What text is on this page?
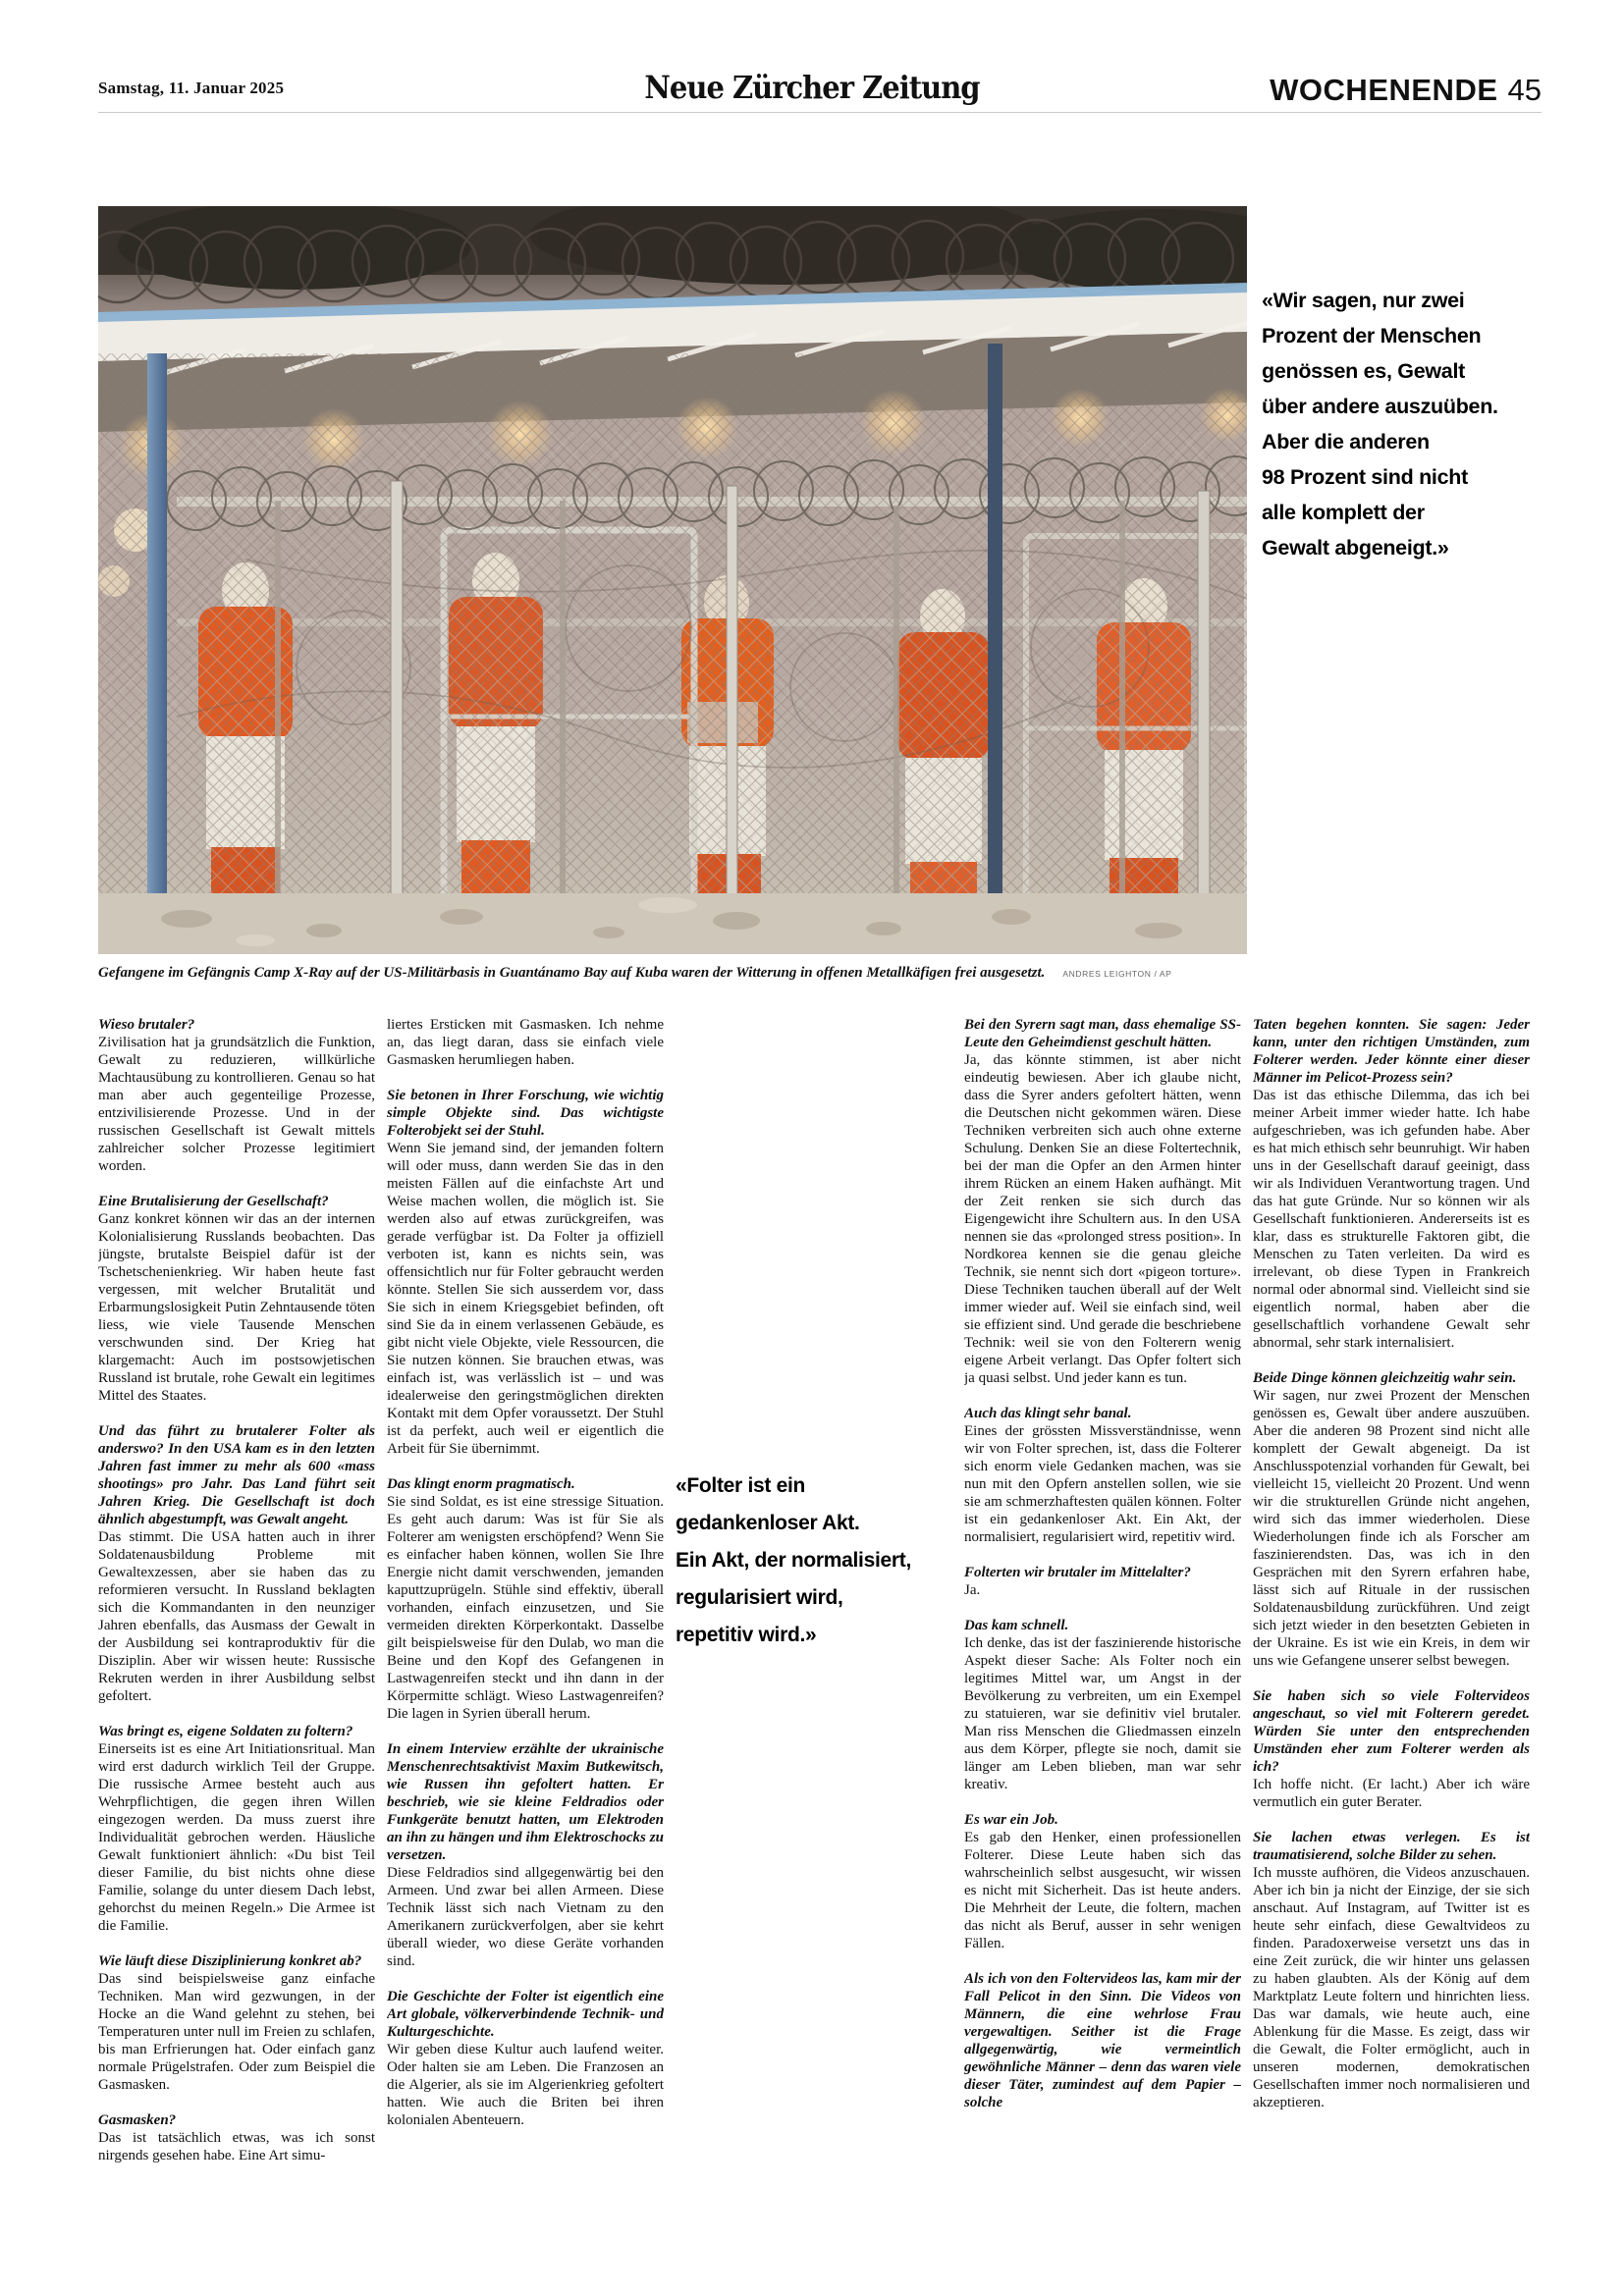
Samstag, 11. Januar 2025	Neue Zürcher Zeitung	WOCHENENDE 45
Gefangene im Gefängnis Camp X-Ray auf der US-Militärbasis in Guantánamo Bay auf Kuba waren der Witterung in offenen Metallkäfigen frei ausgesetzt. ANDRES LEIGHTON / AP
«Wir sagen, nur zwei
Prozent der Menschen
genössen es, Gewalt
über andere auszuüben.
Aber die anderen
98 Prozent sind nicht
alle komplett der
Gewalt abgeneigt.»

Wieso brutaler?

Zivilisation hat ja grundsätzlich die Funktion, Gewalt zu reduzieren, willkürliche Machtausübung zu kontrollieren. Genau so hat man aber auch gegenteilige Prozesse, entzivilisierende Prozesse. Und in der russischen Gesellschaft ist Gewalt mittels zahlreicher solcher Prozesse legitimiert worden.

Eine Brutalisierung der Gesellschaft?

Ganz konkret können wir das an der internen Kolonialisierung Russlands beobachten. Das jüngste, brutalste Beispiel dafür ist der Tschetschenienkrieg. Wir haben heute fast vergessen, mit welcher Brutalität und Erbarmungslosigkeit Putin Zehntausende töten liess, wie viele Tausende Menschen verschwunden sind. Der Krieg hat klargemacht: Auch im postsowjetischen Russland ist brutale, rohe Gewalt ein legitimes Mittel des Staates.

Und das führt zu brutalerer Folter als anderswo? In den USA kam es in den letzten Jahren fast immer zu mehr als 600 «mass shootings» pro Jahr. Das Land führt seit Jahren Krieg. Die Gesellschaft ist doch ähnlich abgestumpft, was Gewalt angeht.

Das stimmt. Die USA hatten auch in ihrer Soldatenausbildung Probleme mit Gewaltexzessen, aber sie haben das zu reformieren versucht. In Russland beklagten sich die Kommandanten in den neunziger Jahren ebenfalls, das Ausmass der Gewalt in der Ausbildung sei kontraproduktiv für die Disziplin. Aber wir wissen heute: Russische Rekruten werden in ihrer Ausbildung selbst gefoltert.

Was bringt es, eigene Soldaten zu foltern?

Einerseits ist es eine Art Initiationsritual. Man wird erst dadurch wirklich Teil der Gruppe. Die russische Armee besteht auch aus Wehrpflichtigen, die gegen ihren Willen eingezogen werden. Da muss zuerst ihre Individualität gebrochen werden. Häusliche Gewalt funktioniert ähnlich: «Du bist Teil dieser Familie, du bist nichts ohne diese Familie, solange du unter diesem Dach lebst, gehorchst du meinen Regeln.» Die Armee ist die Familie.

Wie läuft diese Disziplinierung konkret ab?

Das sind beispielsweise ganz einfache Techniken. Man wird gezwungen, in der Hocke an die Wand gelehnt zu stehen, bei Temperaturen unter null im Freien zu schlafen, bis man Erfrierungen hat. Oder einfach ganz normale Prügelstrafen. Oder zum Beispiel die Gasmasken.

Gasmasken?

Das ist tatsächlich etwas, was ich sonst nirgends gesehen habe. Eine Art simu-

liertes Ersticken mit Gasmasken. Ich nehme an, das liegt daran, dass sie einfach viele Gasmasken herumliegen haben.

Sie betonen in Ihrer Forschung, wie wichtig simple Objekte sind. Das wichtigste Folterobjekt sei der Stuhl.

Wenn Sie jemand sind, der jemanden foltern will oder muss, dann werden Sie das in den meisten Fällen auf die einfachste Art und Weise machen wollen, die möglich ist. Sie werden also auf etwas zurückgreifen, was gerade verfügbar ist. Da Folter ja offiziell verboten ist, kann es nichts sein, was offensichtlich nur für Folter gebraucht werden könnte. Stellen Sie sich ausserdem vor, dass Sie sich in einem Kriegsgebiet befinden, oft sind Sie da in einem verlassenen Gebäude, es gibt nicht viele Objekte, viele Ressourcen, die Sie nutzen können. Sie brauchen etwas, was einfach ist, was verlässlich ist – und was idealerweise den geringstmöglichen direkten Kontakt mit dem Opfer voraussetzt. Der Stuhl ist da perfekt, auch weil er eigentlich die Arbeit für Sie übernimmt.

Das klingt enorm pragmatisch.

Sie sind Soldat, es ist eine stressige Situation. Es geht auch darum: Was ist für Sie als Folterer am wenigsten erschöpfend? Wenn Sie es einfacher haben können, wollen Sie Ihre Energie nicht damit verschwenden, jemanden kaputtzuprügeln. Stühle sind effektiv, überall vorhanden, einfach einzusetzen, und Sie vermeiden direkten Körperkontakt. Dasselbe gilt beispielsweise für den Dulab, wo man die Beine und den Kopf des Gefangenen in Lastwagenreifen steckt und ihn dann in der Körpermitte schlägt. Wieso Lastwagenreifen? Die lagen in Syrien überall herum.

In einem Interview erzählte der ukrainische Menschenrechtsaktivist Maxim Butkewitsch, wie Russen ihn gefoltert hatten. Er beschrieb, wie sie kleine Feldradios oder Funkgeräte benutzt hatten, um Elektroden an ihn zu hängen und ihm Elektroschocks zu versetzen.

Diese Feldradios sind allgegenwärtig bei den Armeen. Und zwar bei allen Armeen. Diese Technik lässt sich nach Vietnam zu den Amerikanern zurückverfolgen, aber sie kehrt überall wieder, wo diese Geräte vorhanden sind.

Die Geschichte der Folter ist eigentlich eine Art globale, völkerverbindende Technik- und Kulturgeschichte.

Wir geben diese Kultur auch laufend weiter. Oder halten sie am Leben. Die Franzosen an die Algerier, als sie im Algerienkrieg gefoltert hatten. Wie auch die Briten bei ihren kolonialen Abenteuern.

«Folter ist ein
gedankenloser Akt.
Ein Akt, der normalisiert,
regularisiert wird,
repetitiv wird.»

Bei den Syrern sagt man, dass ehemalige SS-Leute den Geheimdienst geschult hätten.

Ja, das könnte stimmen, ist aber nicht eindeutig bewiesen. Aber ich glaube nicht, dass die Syrer anders gefoltert hätten, wenn die Deutschen nicht gekommen wären. Diese Techniken verbreiten sich auch ohne externe Schulung. Denken Sie an diese Foltertechnik, bei der man die Opfer an den Armen hinter ihrem Rücken an einem Haken aufhängt. Mit der Zeit renken sie sich durch das Eigengewicht ihre Schultern aus. In den USA nennen sie das «prolonged stress position». In Nordkorea kennen sie die genau gleiche Technik, sie nennt sich dort «pigeon torture». Diese Techniken tauchen überall auf der Welt immer wieder auf. Weil sie einfach sind, weil sie effizient sind. Und gerade die beschriebene Technik: weil sie von den Folterern wenig eigene Arbeit verlangt. Das Opfer foltert sich ja quasi selbst. Und jeder kann es tun.

Auch das klingt sehr banal.

Eines der grössten Missverständnisse, wenn wir von Folter sprechen, ist, dass die Folterer sich enorm viele Gedanken machen, was sie nun mit den Opfern anstellen sollen, wie sie sie am schmerzhaftesten quälen können. Folter ist ein gedankenloser Akt. Ein Akt, der normalisiert, regularisiert wird, repetitiv wird.

Folterten wir brutaler im Mittelalter?

Ja.

Das kam schnell.

Ich denke, das ist der faszinierende historische Aspekt dieser Sache: Als Folter noch ein legitimes Mittel war, um Angst in der Bevölkerung zu verbreiten, um ein Exempel zu statuieren, war sie definitiv viel brutaler. Man riss Menschen die Gliedmassen einzeln aus dem Körper, pflegte sie noch, damit sie länger am Leben blieben, man war sehr kreativ.

Es war ein Job.

Es gab den Henker, einen professionellen Folterer. Diese Leute haben sich das wahrscheinlich selbst ausgesucht, wir wissen es nicht mit Sicherheit. Das ist heute anders. Die Mehrheit der Leute, die foltern, machen das nicht als Beruf, ausser in sehr wenigen Fällen.

Als ich von den Foltervideos las, kam mir der Fall Pelicot in den Sinn. Die Videos von Männern, die eine wehrlose Frau vergewaltigen. Seither ist die Frage allgegenwärtig, wie vermeintlich gewöhnliche Männer – denn das waren viele dieser Täter, zumindest auf dem Papier – solche

Taten begehen konnten. Sie sagen: Jeder kann, unter den richtigen Umständen, zum Folterer werden. Jeder könnte einer dieser Männer im Pelicot-Prozess sein?

Das ist das ethische Dilemma, das ich bei meiner Arbeit immer wieder hatte. Ich habe aufgeschrieben, was ich gefunden habe. Aber es hat mich ethisch sehr beunruhigt. Wir haben uns in der Gesellschaft darauf geeinigt, dass wir als Individuen Verantwortung tragen. Und das hat gute Gründe. Nur so können wir als Gesellschaft funktionieren. Andererseits ist es klar, dass es strukturelle Faktoren gibt, die Menschen zu Taten verleiten. Da wird es irrelevant, ob diese Typen in Frankreich normal oder abnormal sind. Vielleicht sind sie eigentlich normal, haben aber die gesellschaftlich vorhandene Gewalt sehr abnormal, sehr stark internalisiert.

Beide Dinge können gleichzeitig wahr sein.

Wir sagen, nur zwei Prozent der Menschen genössen es, Gewalt über andere auszuüben. Aber die anderen 98 Prozent sind nicht alle komplett der Gewalt abgeneigt. Da ist Anschlusspotenzial vorhanden für Gewalt, bei vielleicht 15, vielleicht 20 Prozent. Und wenn wir die strukturellen Gründe nicht angehen, wird sich das immer wiederholen. Diese Wiederholungen finde ich als Forscher am faszinierendsten. Das, was ich in den Gesprächen mit den Syrern erfahren habe, lässt sich auf Rituale in der russischen Soldatenausbildung zurückführen. Und zeigt sich jetzt wieder in den besetzten Gebieten in der Ukraine. Es ist wie ein Kreis, in dem wir uns wie Gefangene unserer selbst bewegen.

Sie haben sich so viele Foltervideos angeschaut, so viel mit Folterern geredet. Würden Sie unter den entsprechenden Umständen eher zum Folterer werden als ich?

Ich hoffe nicht. (Er lacht.) Aber ich wäre vermutlich ein guter Berater.

Sie lachen etwas verlegen. Es ist traumatisierend, solche Bilder zu sehen.

Ich musste aufhören, die Videos anzuschauen. Aber ich bin ja nicht der Einzige, der sie sich anschaut. Auf Instagram, auf Twitter ist es heute sehr einfach, diese Gewaltvideos zu finden. Paradoxerweise versetzt uns das in eine Zeit zurück, die wir hinter uns gelassen zu haben glaubten. Als der König auf dem Marktplatz Leute foltern und hinrichten liess. Das war damals, wie heute auch, eine Ablenkung für die Masse. Es zeigt, dass wir die Gewalt, die Folter ermöglicht, auch in unseren modernen, demokratischen Gesellschaften immer noch normalisieren und akzeptieren.
